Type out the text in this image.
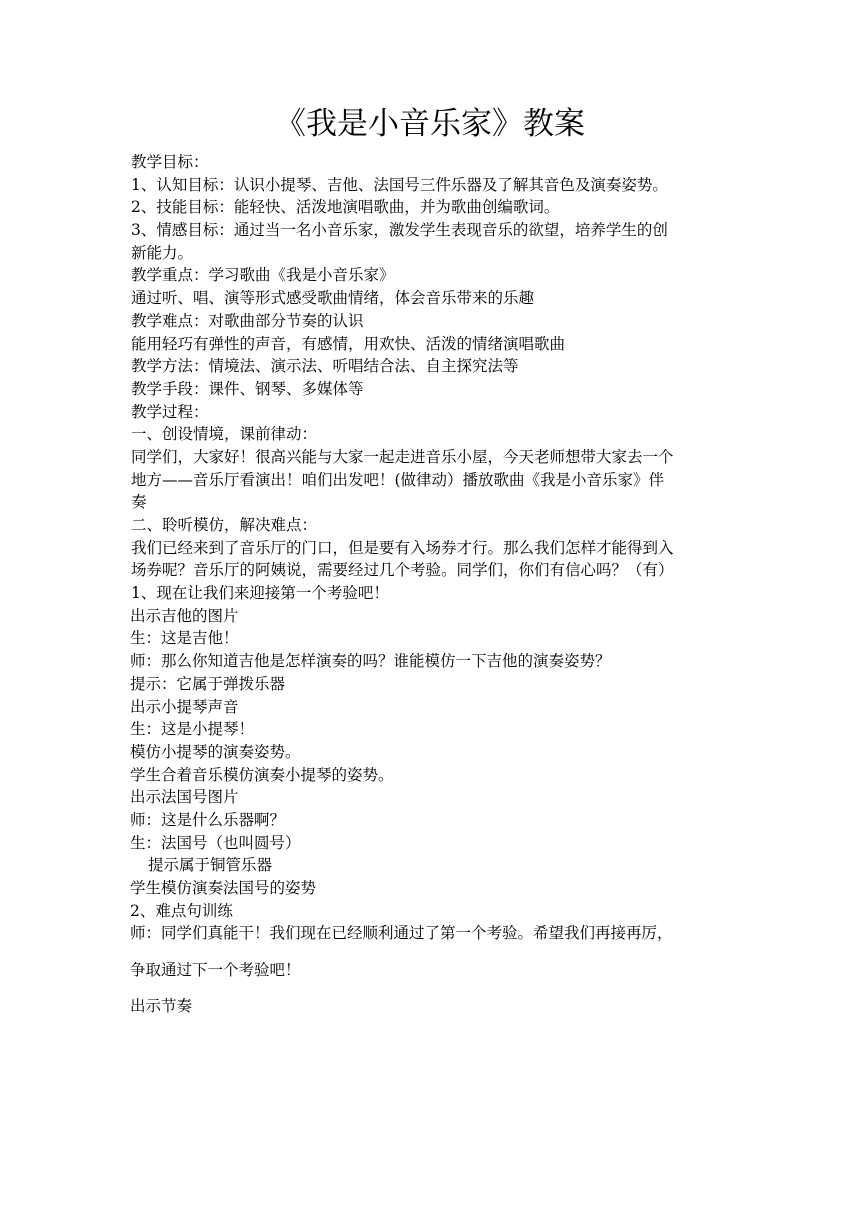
《我是小音乐家》教案
教学目标：
1、认知目标：认识小提琴、吉他、法国号三件乐器及了解其音色及演奏姿势。
2、技能目标：能轻快、活泼地演唱歌曲，并为歌曲创编歌词。
3、情感目标：通过当一名小音乐家，激发学生表现音乐的欲望，培养学生的创
新能力。
教学重点：学习歌曲《我是小音乐家》
通过听、唱、演等形式感受歌曲情绪，体会音乐带来的乐趣
教学难点：对歌曲部分节奏的认识
能用轻巧有弹性的声音，有感情，用欢快、活泼的情绪演唱歌曲
教学方法：情境法、演示法、听唱结合法、自主探究法等
教学手段：课件、钢琴、多媒体等
教学过程：
一、创设情境，课前律动：
同学们，大家好！很高兴能与大家一起走进音乐小屋，今天老师想带大家去一个
地方——音乐厅看演出！咱们出发吧！(做律动）播放歌曲《我是小音乐家》伴
奏
二、聆听模仿，解决难点：
我们已经来到了音乐厅的门口，但是要有入场券才行。那么我们怎样才能得到入
场券呢？音乐厅的阿姨说，需要经过几个考验。同学们，你们有信心吗？（有）
1、现在让我们来迎接第一个考验吧！
出示吉他的图片
生：这是吉他！
师：那么你知道吉他是怎样演奏的吗？谁能模仿一下吉他的演奏姿势？
提示：它属于弹拨乐器
出示小提琴声音
生：这是小提琴！
模仿小提琴的演奏姿势。
学生合着音乐模仿演奏小提琴的姿势。
出示法国号图片
师：这是什么乐器啊？
生：法国号（也叫圆号）
提示属于铜管乐器
学生模仿演奏法国号的姿势
2、难点句训练
师：同学们真能干！我们现在已经顺利通过了第一个考验。希望我们再接再厉，
争取通过下一个考验吧！
出示节奏
